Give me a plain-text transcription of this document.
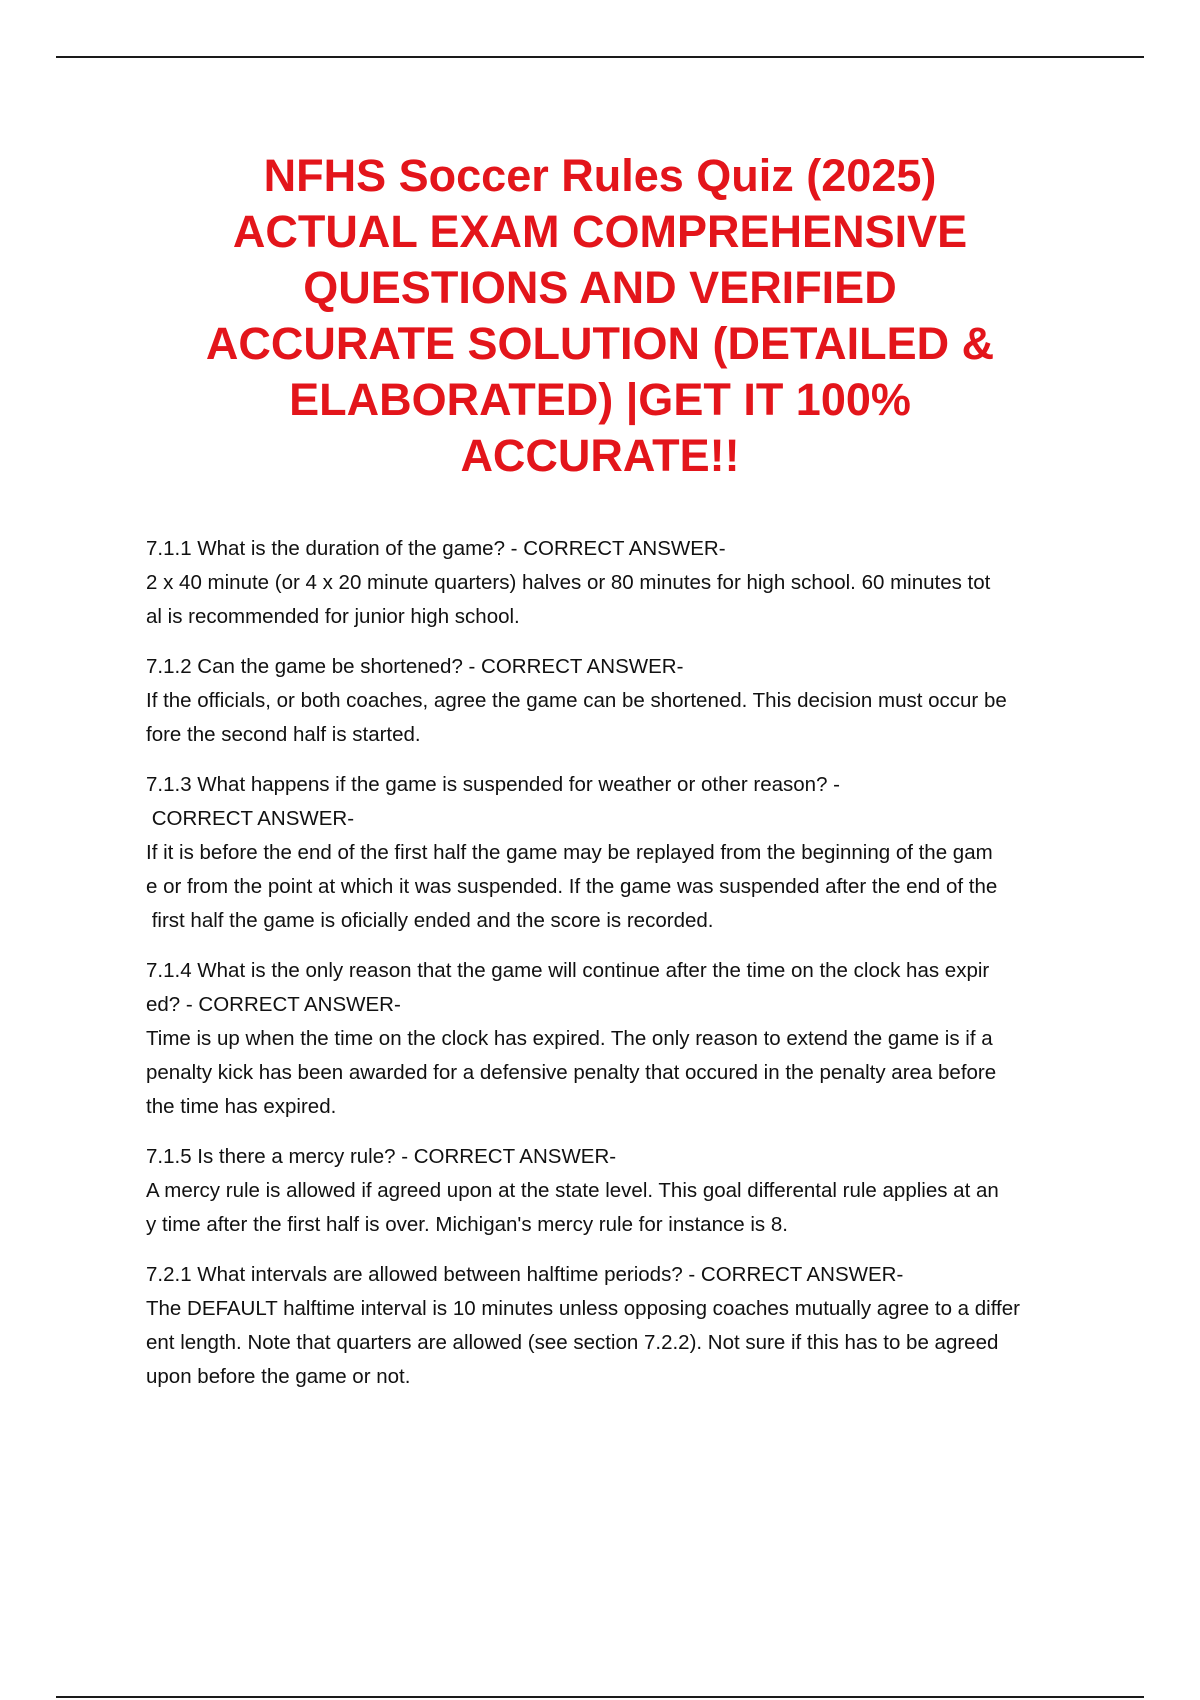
NFHS Soccer Rules Quiz (2025)
ACTUAL EXAM COMPREHENSIVE
QUESTIONS AND VERIFIED
ACCURATE SOLUTION (DETAILED &
ELABORATED) |GET IT 100%
ACCURATE!!
7.1.1 What is the duration of the game? - CORRECT ANSWER-
2 x 40 minute (or 4 x 20 minute quarters) halves or 80 minutes for high school. 60 minutes tot
al is recommended for junior high school.
7.1.2 Can the game be shortened? - CORRECT ANSWER-
If the officials, or both coaches, agree the game can be shortened. This decision must occur be
fore the second half is started.
7.1.3 What happens if the game is suspended for weather or other reason? -
CORRECT ANSWER-
If it is before the end of the first half the game may be replayed from the beginning of the gam
e or from the point at which it was suspended. If the game was suspended after the end of the
first half the game is oficially ended and the score is recorded.
7.1.4 What is the only reason that the game will continue after the time on the clock has expir
ed? - CORRECT ANSWER-
Time is up when the time on the clock has expired. The only reason to extend the game is if a
penalty kick has been awarded for a defensive penalty that occured in the penalty area before
the time has expired.
7.1.5 Is there a mercy rule? - CORRECT ANSWER-
A mercy rule is allowed if agreed upon at the state level. This goal differental rule applies at an
y time after the first half is over. Michigan's mercy rule for instance is 8.
7.2.1 What intervals are allowed between halftime periods? - CORRECT ANSWER-
The DEFAULT halftime interval is 10 minutes unless opposing coaches mutually agree to a differ
ent length. Note that quarters are allowed (see section 7.2.2). Not sure if this has to be agreed
upon before the game or not.
